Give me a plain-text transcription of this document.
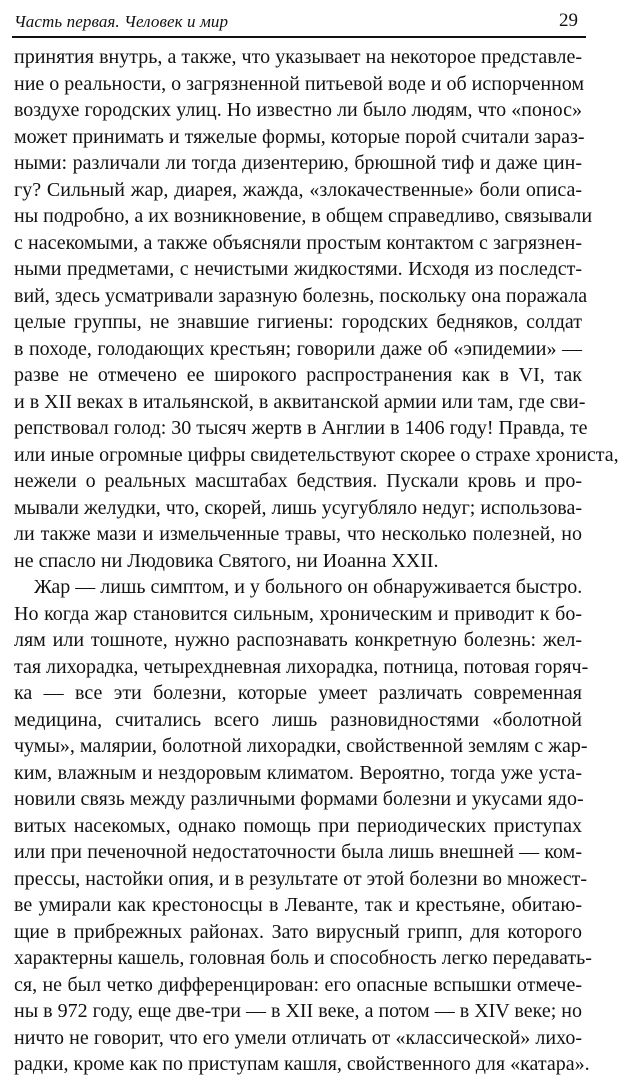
Часть первая. Человек и мир	29
принятия внутрь, а также, что указывает на некоторое представле-
ние о реальности, о загрязненной питьевой воде и об испорченном
воздухе городских улиц. Но известно ли было людям, что «понос»
может принимать и тяжелые формы, которые порой считали зараз-
ными: различали ли тогда дизентерию, брюшной тиф и даже цин-
гу? Сильный жар, диарея, жажда, «злокачественные» боли описа-
ны подробно, а их возникновение, в общем справедливо, связывали
с насекомыми, а также объясняли простым контактом с загрязнен-
ными предметами, с нечистыми жидкостями. Исходя из последст-
вий, здесь усматривали заразную болезнь, поскольку она поражала
целые группы, не знавшие гигиены: городских бедняков, солдат
в походе, голодающих крестьян; говорили даже об «эпидемии» —
разве не отмечено ее широкого распространения как в VI, так
и в XII веках в итальянской, в аквитанской армии или там, где сви-
репствовал голод: 30 тысяч жертв в Англии в 1406 году! Правда, те
или иные огромные цифры свидетельствуют скорее о страхе хрониста,
нежели о реальных масштабах бедствия. Пускали кровь и про-
мывали желудки, что, скорей, лишь усугубляло недуг; использова-
ли также мази и измельченные травы, что несколько полезней, но
не спасло ни Людовика Святого, ни Иоанна XXII.
Жар — лишь симптом, и у больного он обнаруживается быстро.
Но когда жар становится сильным, хроническим и приводит к бо-
лям или тошноте, нужно распознавать конкретную болезнь: жел-
тая лихорадка, четырехдневная лихорадка, потница, потовая горяч-
ка — все эти болезни, которые умеет различать современная
медицина, считались всего лишь разновидностями «болотной
чумы», малярии, болотной лихорадки, свойственной землям с жар-
ким, влажным и нездоровым климатом. Вероятно, тогда уже уста-
новили связь между различными формами болезни и укусами ядо-
витых насекомых, однако помощь при периодических приступах
или при печеночной недостаточности была лишь внешней — ком-
прессы, настойки опия, и в результате от этой болезни во множест-
ве умирали как крестоносцы в Леванте, так и крестьяне, обитаю-
щие в прибрежных районах. Зато вирусный грипп, для которого
характерны кашель, головная боль и способность легко передавать-
ся, не был четко дифференцирован: его опасные вспышки отмече-
ны в 972 году, еще две-три — в XII веке, а потом — в XIV веке; но
ничто не говорит, что его умели отличать от «классической» лихо-
радки, кроме как по приступам кашля, свойственного для «катара».
